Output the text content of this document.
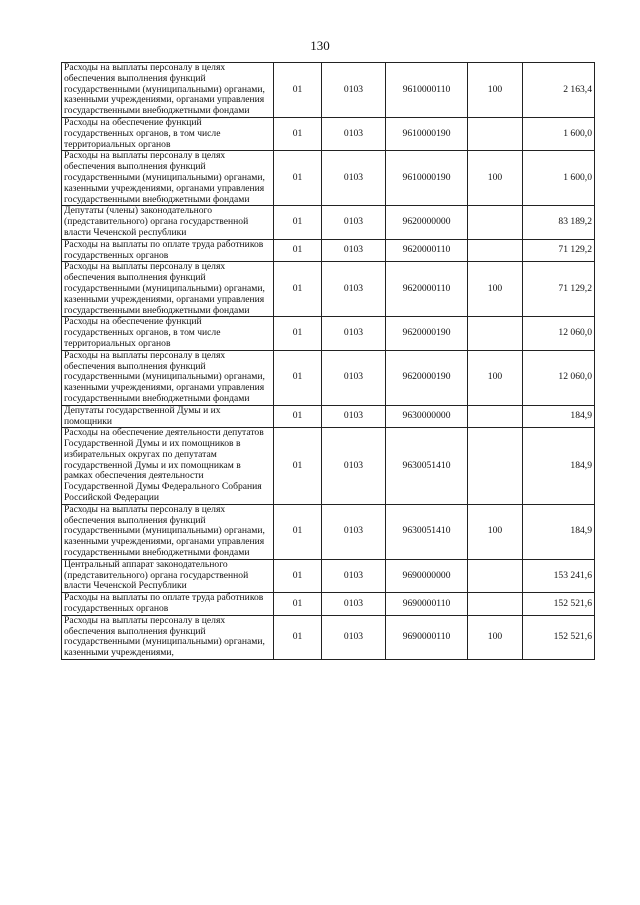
130
Расходы на выплаты персоналу в целях обеспечения выполнения функций государственными (муниципальными) органами, казенными учреждениями, органами управления государственными внебюджетными фондами	01	0103	9610000110	100	2 163,4
Расходы на обеспечение функций государственных органов, в том числе территориальных органов	01	0103	9610000190		1 600,0
Расходы на выплаты персоналу в целях обеспечения выполнения функций государственными (муниципальными) органами, казенными учреждениями, органами управления государственными внебюджетными фондами	01	0103	9610000190	100	1 600,0
Депутаты (члены) законодательного (представительного) органа государственной власти Чеченской республики	01	0103	9620000000		83 189,2
Расходы на выплаты по оплате труда работников государственных органов	01	0103	9620000110		71 129,2
Расходы на выплаты персоналу в целях обеспечения выполнения функций государственными (муниципальными) органами, казенными учреждениями, органами управления государственными внебюджетными фондами	01	0103	9620000110	100	71 129,2
Расходы на обеспечение функций государственных органов, в том числе территориальных органов	01	0103	9620000190		12 060,0
Расходы на выплаты персоналу в целях обеспечения выполнения функций государственными (муниципальными) органами, казенными учреждениями, органами управления государственными внебюджетными фондами	01	0103	9620000190	100	12 060,0
Депутаты государственной Думы и их помощники	01	0103	9630000000		184,9
Расходы на обеспечение деятельности депутатов Государственной Думы и их помощников в избирательных округах по депутатам государственной Думы и их помощникам в рамках обеспечения деятельности Государственной Думы Федерального Собрания Российской Федерации	01	0103	9630051410		184,9
Расходы на выплаты персоналу в целях обеспечения выполнения функций государственными (муниципальными) органами, казенными учреждениями, органами управления государственными внебюджетными фондами	01	0103	9630051410	100	184,9
Центральный аппарат законодательного (представительного) органа государственной власти Чеченской Республики	01	0103	9690000000		153 241,6
Расходы на выплаты по оплате труда работников государственных органов	01	0103	9690000110		152 521,6
Расходы на выплаты персоналу в целях обеспечения выполнения функций государственными (муниципальными) органами, казенными учреждениями,	01	0103	9690000110	100	152 521,6
